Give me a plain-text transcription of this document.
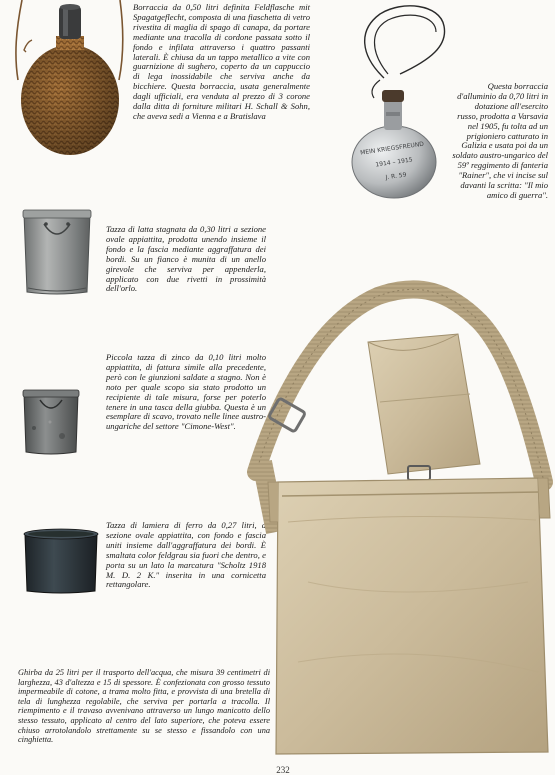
Borraccia da 0,50 litri definita Feldflasche mit Spagatgeflecht, composta di una fiaschetta di vetro rivestita di maglia di spago di canapa, da portare mediante una tracolla di cordone passata sotto il fondo e infilata attraverso i quattro passanti laterali. È chiusa da un tappo metallico a vite con guarnizione di sughero, coperto da un cappuccio di lega inossidabile che serviva anche da bicchiere. Questa borraccia, usata generalmente dagli ufficiali, era venduta al prezzo di 3 corone dalla ditta di forniture militari H. Schall & Sohn, che aveva sedi a Vienna e a Bratislava

MEIN KRIEGSFREUND
1914 – 1915
J. R. 59

Questa borraccia d'alluminio da 0,70 litri in dotazione all'esercito russo, prodotta a Varsavia nel 1905, fu tolta ad un prigioniero catturato in Galizia e usata poi da un soldato austro-ungarico del 59º reggimento di fanteria "Rainer", che vi incise sul davanti la scritta: "Il mio amico di guerra".

Tazza di latta stagnata da 0,30 litri a sezione ovale appiattita, prodotta unendo insieme il fondo e la fascia mediante aggraffatura dei bordi. Su un fianco è munita di un anello girevole che serviva per appenderla, applicato con due rivetti in prossimità dell'orlo.

Piccola tazza di zinco da 0,10 litri molto appiattita, di fattura simile alla precedente, però con le giunzioni saldate a stagno. Non è noto per quale scopo sia stato prodotto un recipiente di tale misura, forse per poterlo tenere in una tasca della giubba. Questa è un esemplare di scavo, trovato nelle linee austro-ungariche del settore "Cimone-West".

Tazza di lamiera di ferro da 0,27 litri, a sezione ovale appiattita, con fondo e fascia uniti insieme dall'aggraffatura dei bordi. È smaltata color feldgrau sia fuori che dentro, e porta su un lato la marcatura "Scholtz 1918 M. D. 2 K." inserita in una cornicetta rettangolare.

Ghirba da 25 litri per il trasporto dell'acqua, che misura 39 centimetri di larghezza, 43 d'altezza e 15 di spessore. È confezionata con grosso tessuto impermeabile di cotone, a trama molto fitta, e provvista di una bretella di tela di lunghezza regolabile, che serviva per portarla a tracolla. Il riempimento e il travaso avvenivano attraverso un lungo manicotto dello stesso tessuto, applicato al centro del lato superiore, che poteva essere chiuso arrotolandolo strettamente su se stesso e fissandolo con una cinghietta.

232
